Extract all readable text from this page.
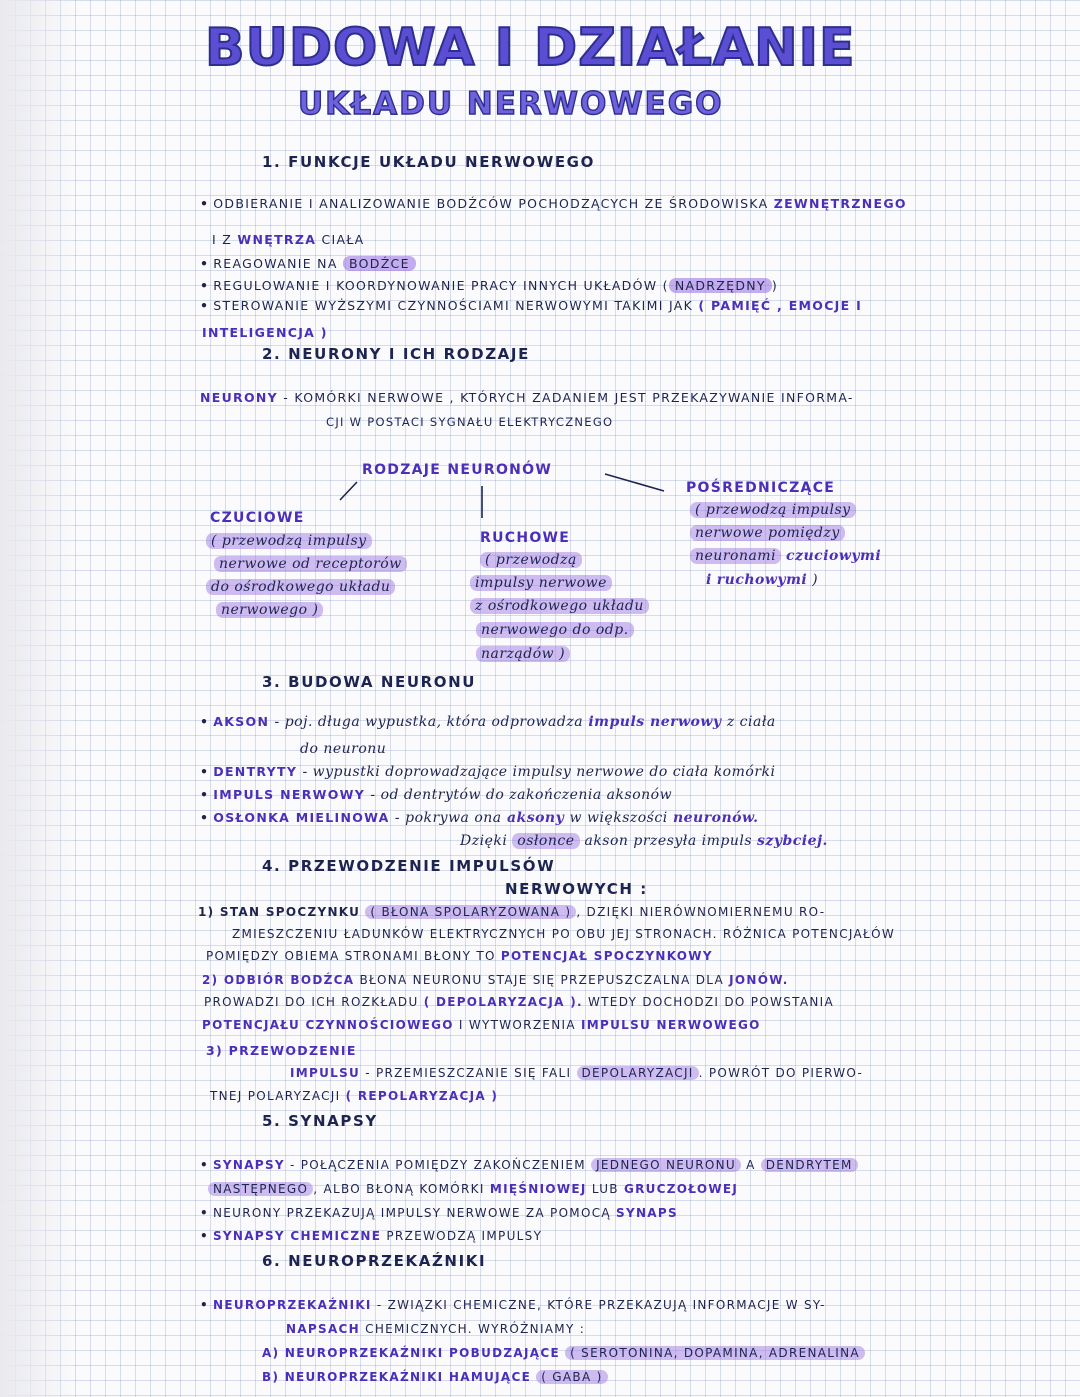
BUDOWA I DZIAŁANIE
UKŁADU NERWOWEGO
1. FUNKCJE UKŁADU NERWOWEGO
• ODBIERANIE I ANALIZOWANIE BODŹCÓW POCHODZĄCYCH ZE ŚRODOWISKA ZEWNĘTRZNEGO
I Z WNĘTRZA CIAŁA
• REAGOWANIE NA BODŹCE
• REGULOWANIE I KOORDYNOWANIE PRACY INNYCH UKŁADÓW ( NADRZĘDNY )
• STEROWANIE WYŻSZYMI CZYNNOŚCIAMI NERWOWYMI TAKIMI JAK ( PAMIĘĆ , EMOCJE I
INTELIGENCJA )
2. NEURONY I ICH RODZAJE
NEURONY - KOMÓRKI NERWOWE , KTÓRYCH ZADANIEM JEST PRZEKAZYWANIE INFORMA-
CJI W POSTACI SYGNAŁU ELEKTRYCZNEGO
RODZAJE NEURONÓW
CZUCIOWE
( przewodzą impulsy
nerwowe od receptorów
do ośrodkowego układu
nerwowego )
RUCHOWE
( przewodzą
impulsy nerwowe
z ośrodkowego układu
nerwowego do odp.
narządów )
POŚREDNICZĄCE
( przewodzą impulsy
nerwowe pomiędzy
neuronami czuciowymi
i ruchowymi )
3. BUDOWA NEURONU
• AKSON - poj. długa wypustka, która odprowadza impuls nerwowy z ciała
do neuronu
• DENTRYTY - wypustki doprowadzające impulsy nerwowe do ciała komórki
• IMPULS NERWOWY - od dentrytów do zakończenia aksonów
• OSŁONKA MIELINOWA - pokrywa ona aksony w większości neuronów.
Dzięki osłonce akson przesyła impuls szybciej.
4. PRZEWODZENIE IMPULSÓW
NERWOWYCH :
1) STAN SPOCZYNKU ( BŁONA SPOLARYZOWANA ) , DZIĘKI NIERÓWNOMIERNEMU RO-
ZMIESZCZENIU ŁADUNKÓW ELEKTRYCZNYCH PO OBU JEJ STRONACH. RÓŻNICA POTENCJAŁÓW
POMIĘDZY OBIEMA STRONAMI BŁONY TO POTENCJAŁ SPOCZYNKOWY
2) ODBIÓR BODŹCA BŁONA NEURONU STAJE SIĘ PRZEPUSZCZALNA DLA JONÓW.
PROWADZI DO ICH ROZKŁADU ( DEPOLARYZACJA ). WTEDY DOCHODZI DO POWSTANIA
POTENCJAŁU CZYNNOŚCIOWEGO I WYTWORZENIA IMPULSU NERWOWEGO
3) PRZEWODZENIE
IMPULSU - PRZEMIESZCZANIE SIĘ FALI DEPOLARYZACJI . POWRÓT DO PIERWO-
TNEJ POLARYZACJI ( REPOLARYZACJA )
5. SYNAPSY
• SYNAPSY - POŁĄCZENIA POMIĘDZY ZAKOŃCZENIEM JEDNEGO NEURONU A DENDRYTEM
NASTĘPNEGO , ALBO BŁONĄ KOMÓRKI MIĘŚNIOWEJ LUB GRUCZOŁOWEJ
• NEURONY PRZEKAZUJĄ IMPULSY NERWOWE ZA POMOCĄ SYNAPS
• SYNAPSY CHEMICZNE PRZEWODZĄ IMPULSY
6. NEUROPRZEKAŹNIKI
• NEUROPRZEKAŹNIKI - ZWIĄZKI CHEMICZNE, KTÓRE PRZEKAZUJĄ INFORMACJE W SY-
NAPSACH CHEMICZNYCH. WYRÓŻNIAMY :
A) NEUROPRZEKAŹNIKI POBUDZAJĄCE ( SEROTONINA, DOPAMINA, ADRENALINA
B) NEUROPRZEKAŹNIKI HAMUJĄCE ( GABA )
